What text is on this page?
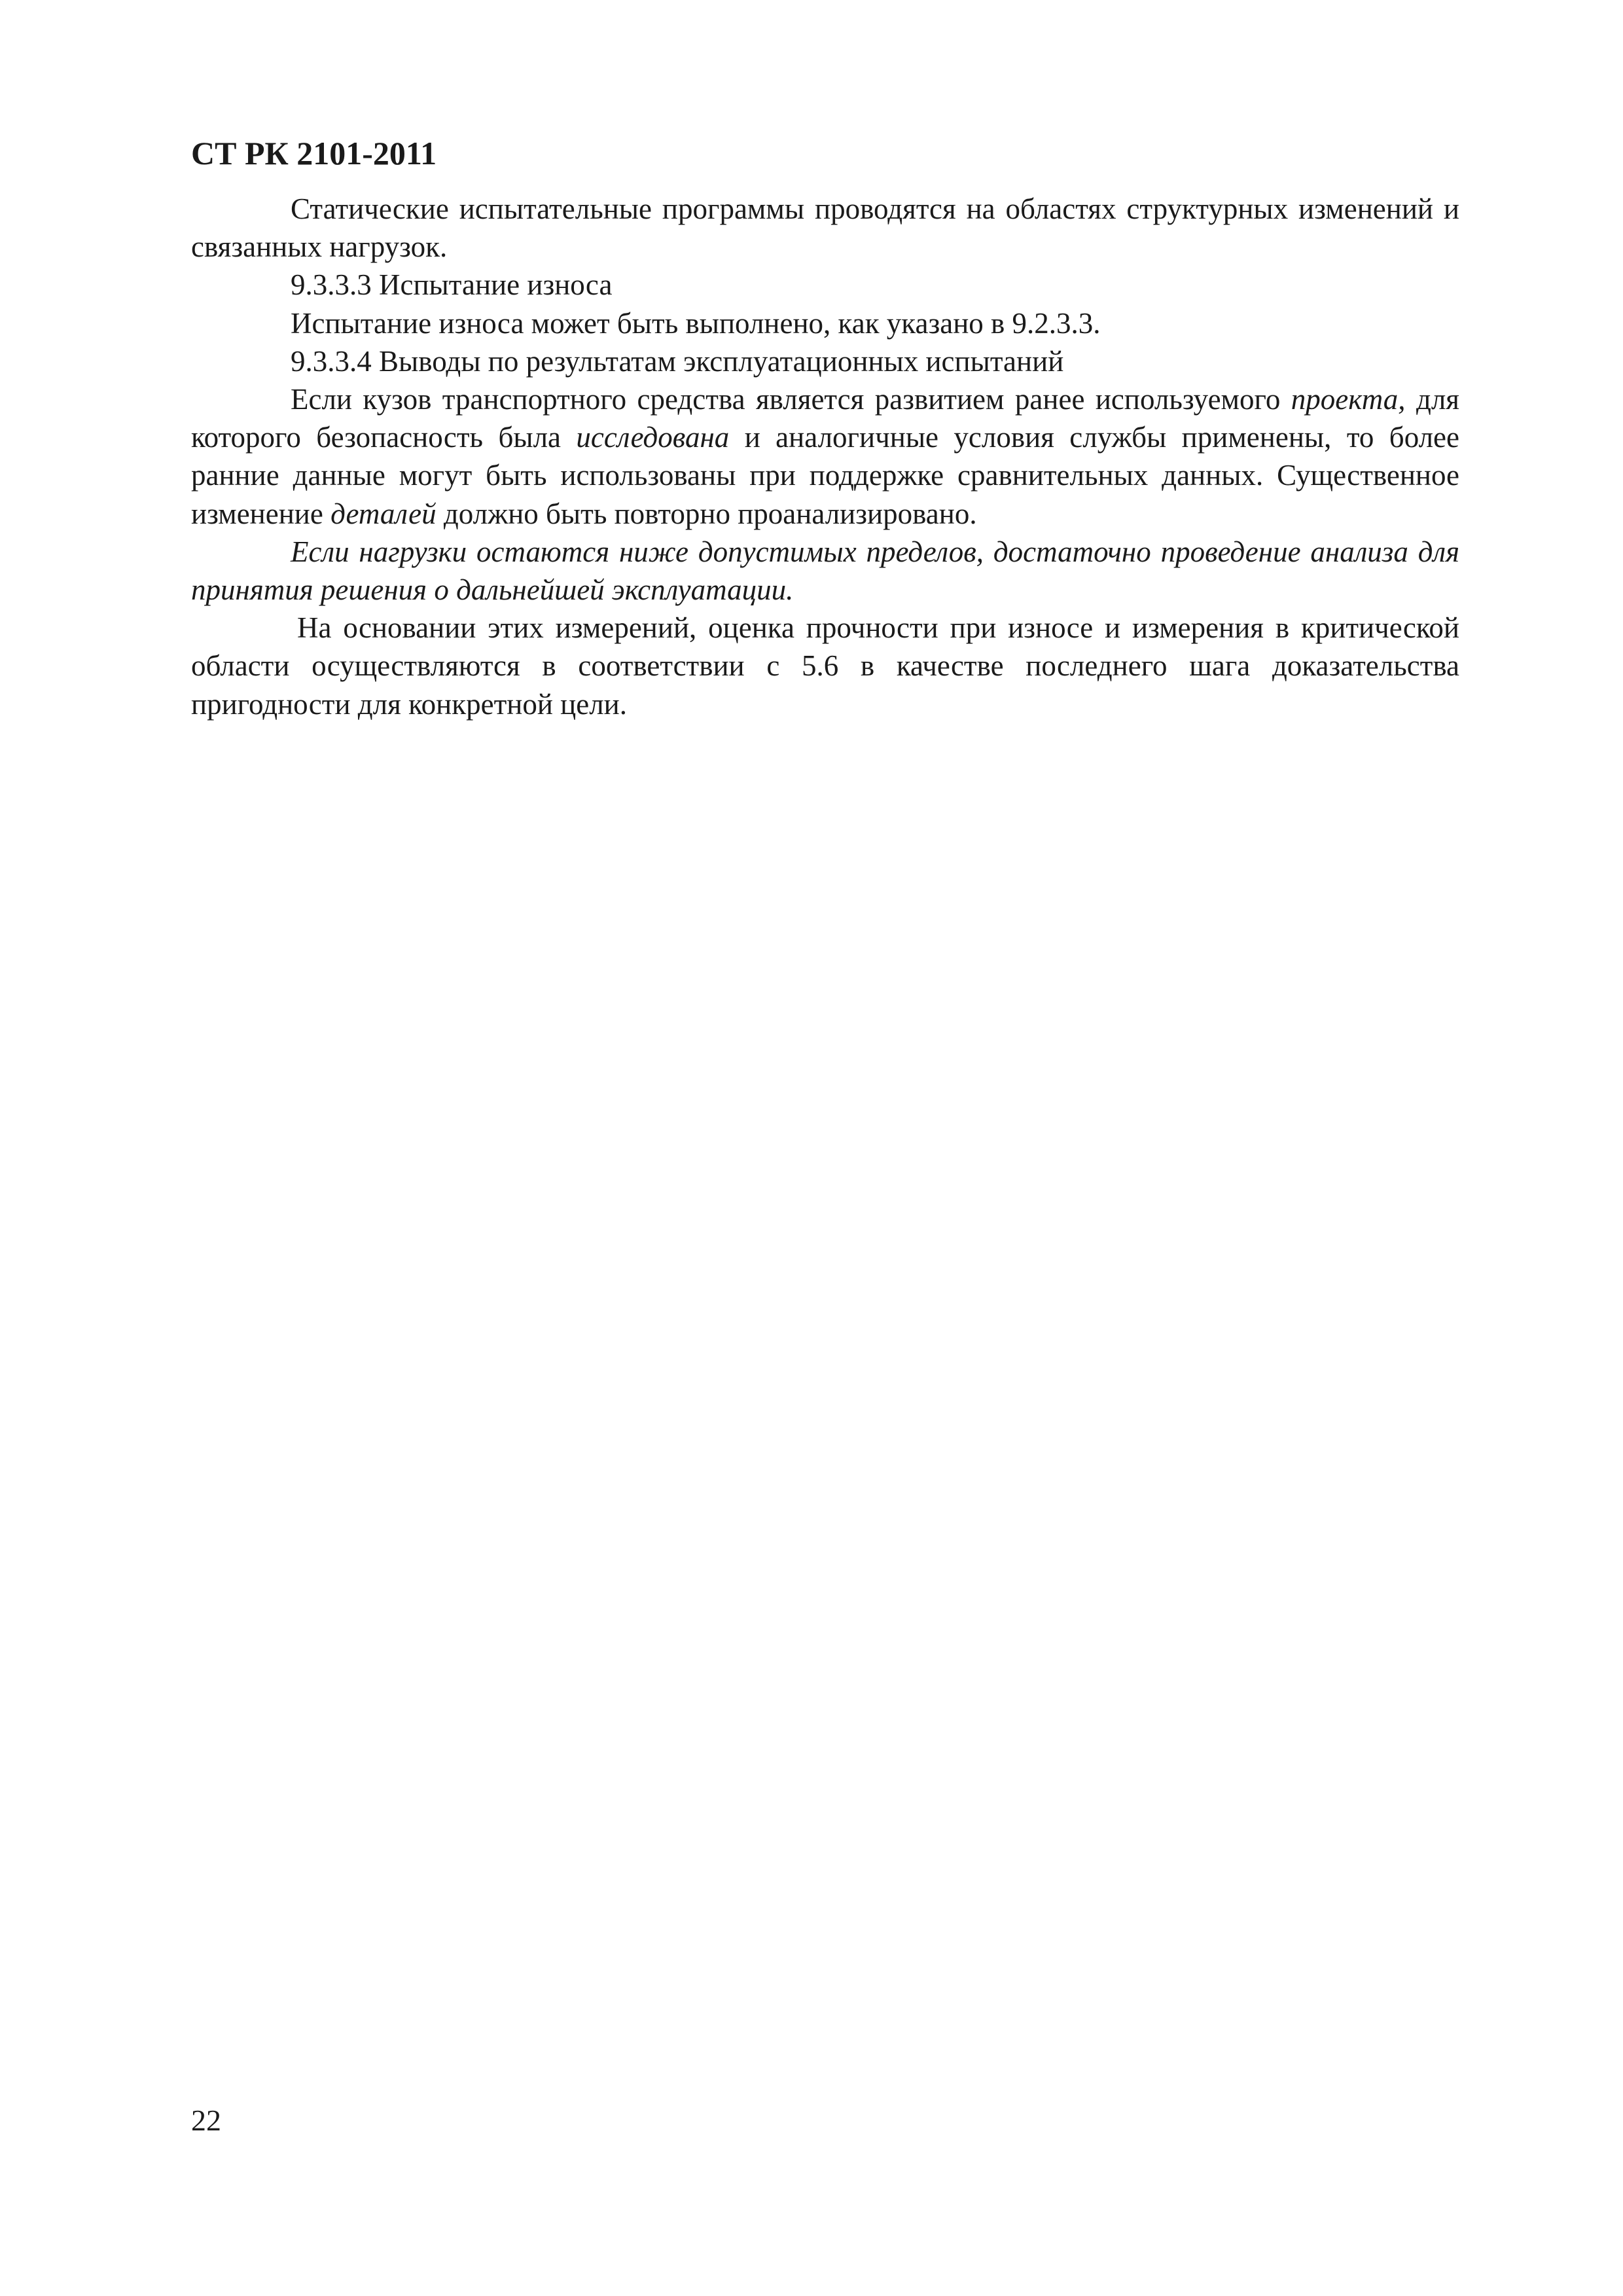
СТ РК 2101-2011

Статические испытательные программы проводятся на областях структурных изменений и связанных нагрузок.

9.3.3.3 Испытание износа

Испытание износа может быть выполнено, как указано в 9.2.3.3.

9.3.3.4 Выводы по результатам эксплуатационных испытаний

Если кузов транспортного средства является развитием ранее используемого проекта, для которого безопасность была исследована и аналогичные условия службы применены, то более ранние данные могут быть использованы при поддержке сравнительных данных. Существенное изменение деталей должно быть повторно проанализировано.

Если нагрузки остаются ниже допустимых пределов, достаточно проведение анализа для принятия решения о дальнейшей эксплуатации.

На основании этих измерений, оценка прочности при износе и измерения в критической области осуществляются в соответствии с 5.6 в качестве последнего шага доказательства пригодности для конкретной цели.

22
